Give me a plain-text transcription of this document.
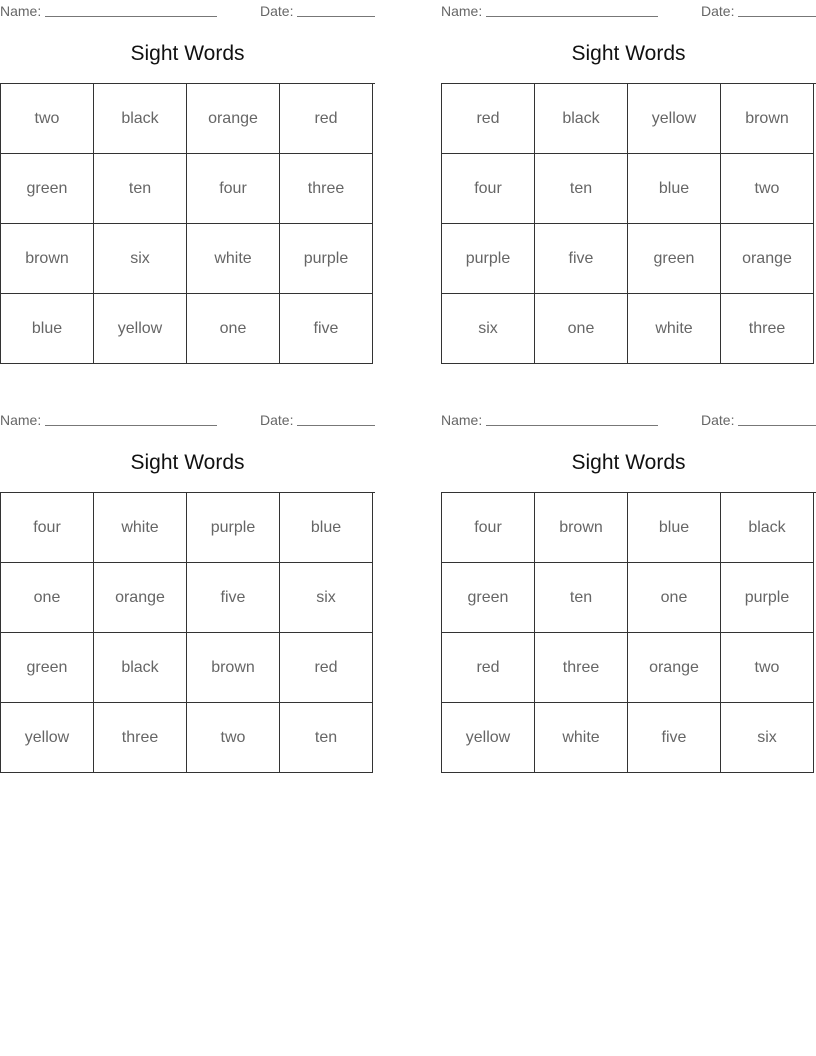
Name:	Date:
Sight Words
two	black	orange	red
green	ten	four	three
brown	six	white	purple
blue	yellow	one	five
Name:	Date:
Sight Words
red	black	yellow	brown
four	ten	blue	two
purple	five	green	orange
six	one	white	three
Name:	Date:
Sight Words
four	white	purple	blue
one	orange	five	six
green	black	brown	red
yellow	three	two	ten
Name:	Date:
Sight Words
four	brown	blue	black
green	ten	one	purple
red	three	orange	two
yellow	white	five	six
